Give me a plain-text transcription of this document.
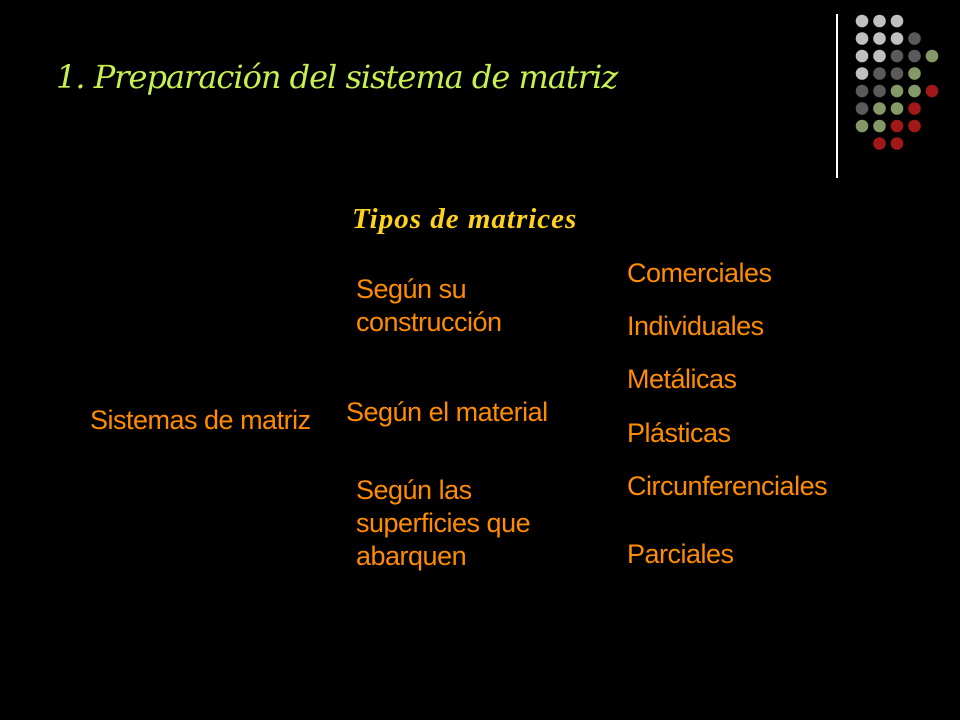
1. Preparación del sistema de matriz
Tipos de matrices
Sistemas de matriz
Según su
construcción
Según el material
Según las
superficies que
abarquen
Comerciales
Individuales
Metálicas
Plásticas
Circunferenciales
Parciales
